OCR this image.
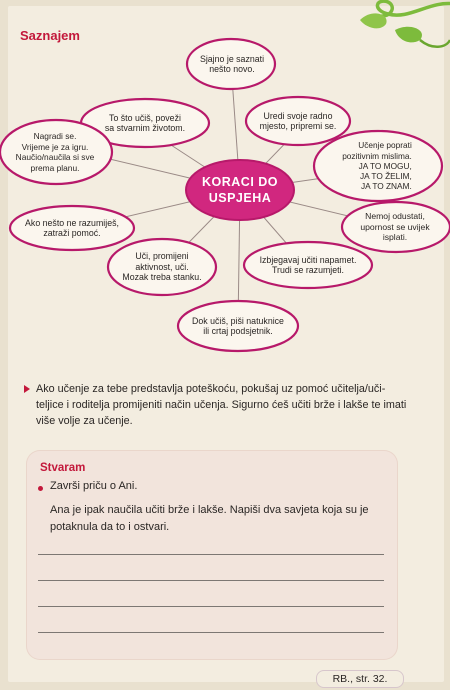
Saznajem
KORACI DO
USPJEHA
Sjajno je saznati
nešto novo.
To što učiš, poveži
sa stvarnim životom.
Uredi svoje radno
mjesto, pripremi se.
Nagradi se.
Vrijeme je za igru.
Naučio/naučila si sve
prema planu.
Učenje poprati
pozitivnim mislima.
JA TO MOGU,
JA TO ŽELIM,
JA TO ZNAM.
Ako nešto ne razumiješ,
zatraži pomoć.
Nemoj odustati,
upornost se uvijek
isplati.
Uči, promijeni
aktivnost, uči.
Mozak treba stanku.
Izbjegavaj učiti napamet.
Trudi se razumjeti.
Dok učiš, piši natuknice
ili crtaj podsjetnik.
Ako učenje za tebe predstavlja poteškoću, pokušaj uz pomoć učitelja/uči-teljice i roditelja promijeniti način učenja. Sigurno ćeš učiti brže i lakše te imati više volje za učenje.
Stvaram
Završi priču o Ani.
Ana je ipak naučila učiti brže i lakše. Napiši dva savjeta koja su je potaknula da to i ostvari.
RB., str. 32.
